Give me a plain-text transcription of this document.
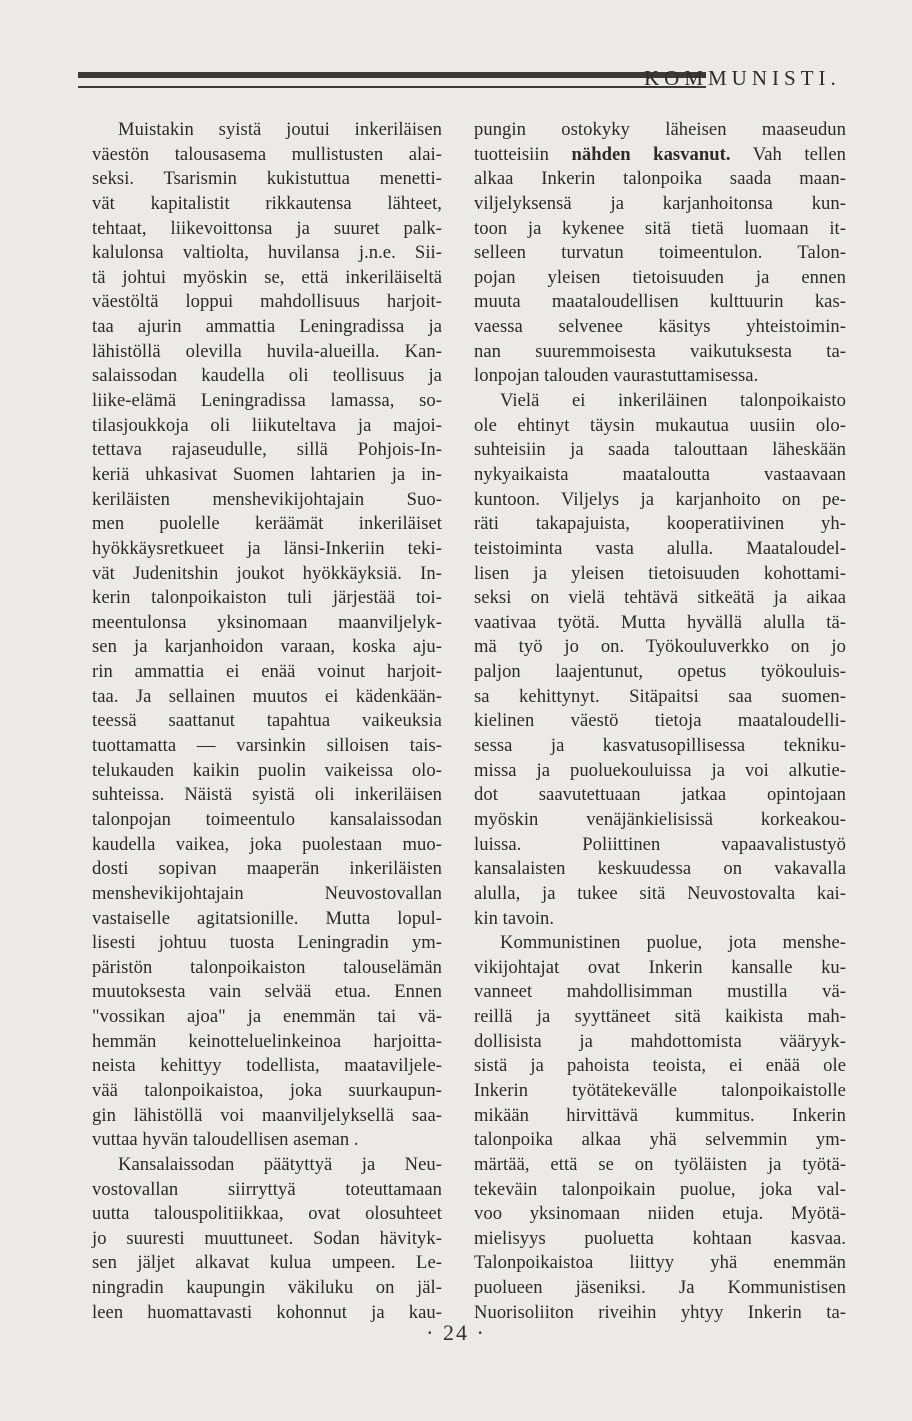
KOMMUNISTI.
Muistakin syistä joutui inkeriläisen
väestön talousasema mullistusten alai-
seksi. Tsarismin kukistuttua menetti-
vät kapitalistit rikkautensa lähteet,
tehtaat, liikevoittonsa ja suuret palk-
kalulonsa valtiolta, huvilansa j.n.e. Sii-
tä johtui myöskin se, että inkeriläiseltä
väestöltä loppui mahdollisuus harjoit-
taa ajurin ammattia Leningradissa ja
lähistöllä olevilla huvila-alueilla. Kan-
salaissodan kaudella oli teollisuus ja
liike-elämä Leningradissa lamassa, so-
tilasjoukkoja oli liikuteltava ja majoi-
tettava rajaseudulle, sillä Pohjois-In-
keriä uhkasivat Suomen lahtarien ja in-
keriläisten menshevikijohtajain Suo-
men puolelle keräämät inkeriläiset
hyökkäysretkueet ja länsi-Inkeriin teki-
vät Judenitshin joukot hyökkäyksiä. In-
kerin talonpoikaiston tuli järjestää toi-
meentulonsa yksinomaan maanviljelyk-
sen ja karjanhoidon varaan, koska aju-
rin ammattia ei enää voinut harjoit-
taa. Ja sellainen muutos ei kädenkään-
teessä saattanut tapahtua vaikeuksia
tuottamatta — varsinkin silloisen tais-
telukauden kaikin puolin vaikeissa olo-
suhteissa. Näistä syistä oli inkeriläisen
talonpojan toimeentulo kansalaissodan
kaudella vaikea, joka puolestaan muo-
dosti sopivan maaperän inkeriläisten
menshevikijohtajain Neuvostovallan
vastaiselle agitatsionille. Mutta lopul-
lisesti johtuu tuosta Leningradin ym-
päristön talonpoikaiston talouselämän
muutoksesta vain selvää etua. Ennen
"vossikan ajoa" ja enemmän tai vä-
hemmän keinotteluelinkeinoa harjoitta-
neista kehittyy todellista, maataviljele-
vää talonpoikaistoa, joka suurkaupun-
gin lähistöllä voi maanviljelyksellä saa-
vuttaa hyvän taloudellisen aseman .
Kansalaissodan päätyttyä ja Neu-
vostovallan siirryttyä toteuttamaan
uutta talouspolitiikkaa, ovat olosuhteet
jo suuresti muuttuneet. Sodan hävityk-
sen jäljet alkavat kulua umpeen. Le-
ningradin kaupungin väkiluku on jäl-
leen huomattavasti kohonnut ja kau-
pungin ostokyky läheisen maaseudun
tuotteisiin nähden kasvanut. Vah tellen
alkaa Inkerin talonpoika saada maan-
viljelyksensä ja karjanhoitonsa kun-
toon ja kykenee sitä tietä luomaan it-
selleen turvatun toimeentulon. Talon-
pojan yleisen tietoisuuden ja ennen
muuta maataloudellisen kulttuurin kas-
vaessa selvenee käsitys yhteistoimin-
nan suuremmoisesta vaikutuksesta ta-
lonpojan talouden vaurastuttamisessa.
Vielä ei inkeriläinen talonpoikaisto
ole ehtinyt täysin mukautua uusiin olo-
suhteisiin ja saada talouttaan läheskään
nykyaikaista maataloutta vastaavaan
kuntoon. Viljelys ja karjanhoito on pe-
räti takapajuista, kooperatiivinen yh-
teistoiminta vasta alulla. Maataloudel-
lisen ja yleisen tietoisuuden kohottami-
seksi on vielä tehtävä sitkeätä ja aikaa
vaativaa työtä. Mutta hyvällä alulla tä-
mä työ jo on. Työkouluverkko on jo
paljon laajentunut, opetus työkouluis-
sa kehittynyt. Sitäpaitsi saa suomen-
kielinen väestö tietoja maataloudelli-
sessa ja kasvatusopillisessa tekniku-
missa ja puoluekouluissa ja voi alkutie-
dot saavutettuaan jatkaa opintojaan
myöskin venäjänkielisissä korkeakou-
luissa. Poliittinen vapaavalistustyö
kansalaisten keskuudessa on vakavalla
alulla, ja tukee sitä Neuvostovalta kai-
kin tavoin.
Kommunistinen puolue, jota menshe-
vikijohtajat ovat Inkerin kansalle ku-
vanneet mahdollisimman mustilla vä-
reillä ja syyttäneet sitä kaikista mah-
dollisista ja mahdottomista vääryyk-
sistä ja pahoista teoista, ei enää ole
Inkerin työtätekevälle talonpoikaistolle
mikään hirvittävä kummitus. Inkerin
talonpoika alkaa yhä selvemmin ym-
märtää, että se on työläisten ja työtä-
tekeväin talonpoikain puolue, joka val-
voo yksinomaan niiden etuja. Myötä-
mielisyys puoluetta kohtaan kasvaa.
Talonpoikaistoa liittyy yhä enemmän
puolueen jäseniksi. Ja Kommunistisen
Nuorisoliiton riveihin yhtyy Inkerin ta-
· 24 ·
